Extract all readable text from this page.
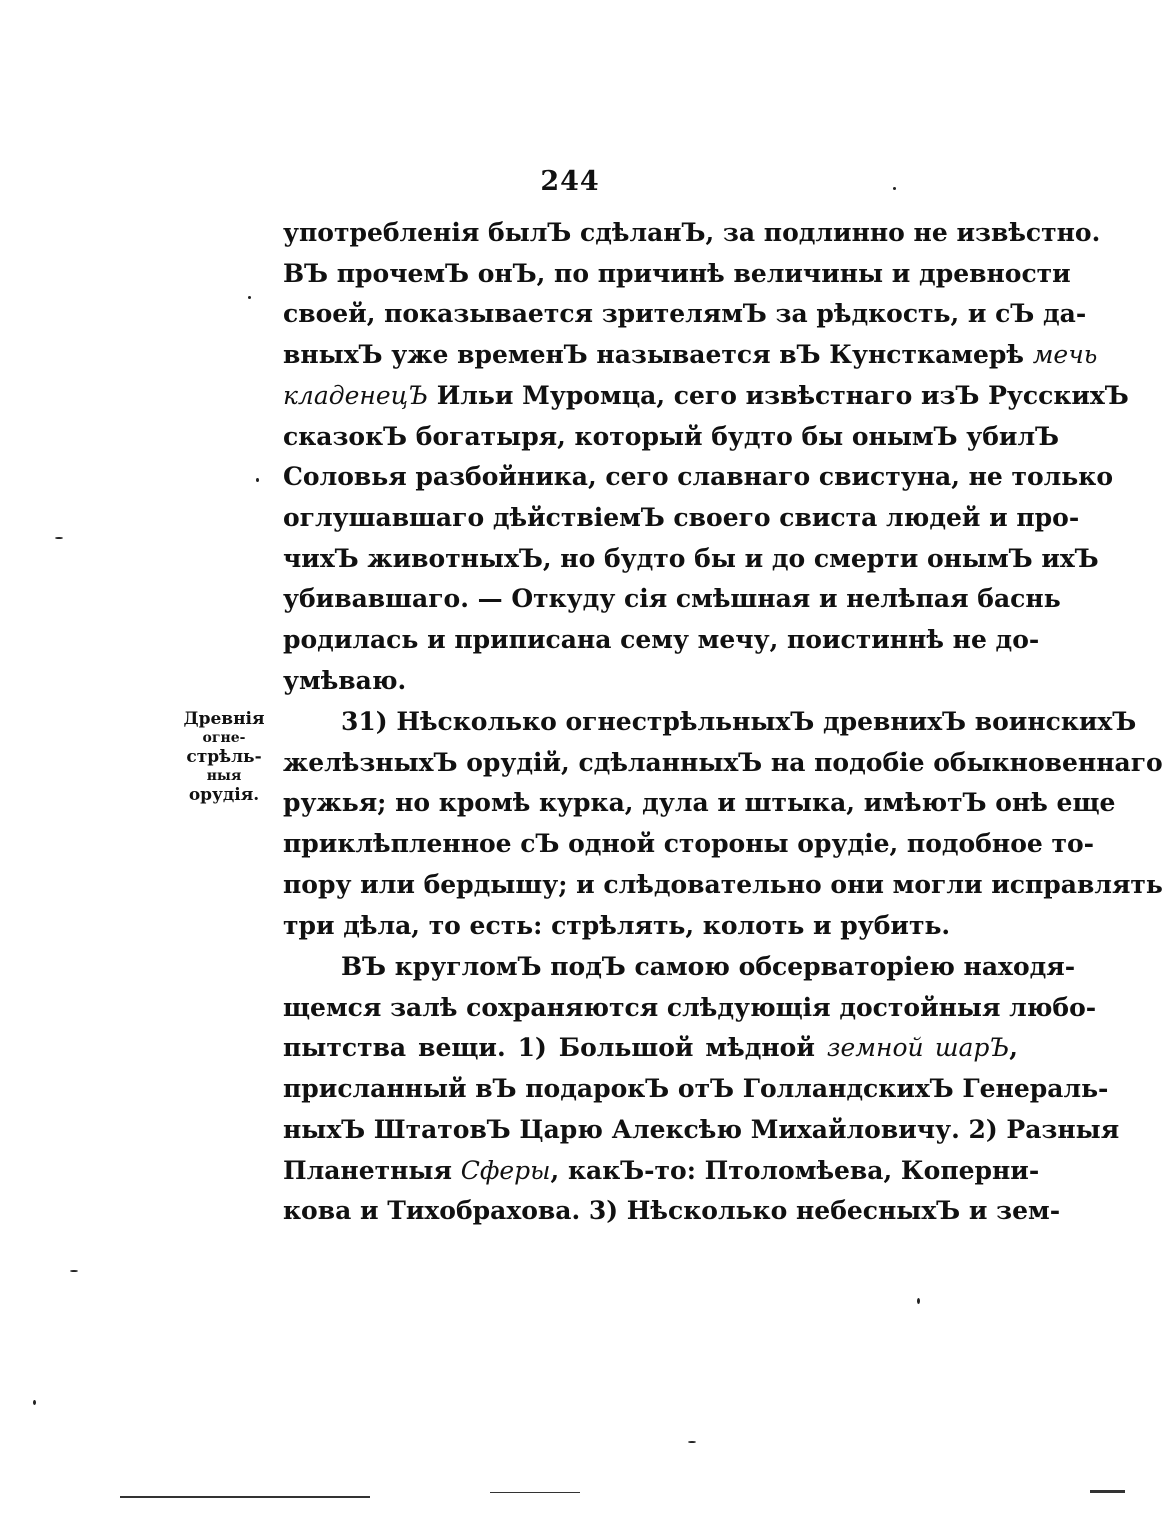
244
употребленія былЪ сдѣланЪ, за подлинно не извѣстно.
ВЪ прочемЪ онЪ, по причинѣ величины и древности
своей, показывается зрителямЪ за рѣдкость, и сЪ да-
вныхЪ уже временЪ называется вЪ Кунсткамерѣ мечь
кладенецЪ Ильи Муромца, сего извѣстнаго изЪ РусскихЪ
сказокЪ богатыря, который будто бы онымЪ убилЪ
Соловья разбойника, сего славнаго свистуна, не только
оглушавшаго дѣйствіемЪ своего свиста людей и про-
чихЪ животныхЪ, но будто бы и до смерти онымЪ ихЪ
убивавшаго. — Откуду сія смѣшная и нелѣпая баснь
родилась и приписана сему мечу, поистиннѣ не до-
умѣваю.
Древнія
огне-
стрѣль-
ныя
орудія.
31) Нѣсколько огнестрѣльныхЪ древнихЪ воинскихЪ
желѣзныхЪ орудій, сдѣланныхЪ на подобіе обыкновеннаго
ружья; но кромѣ курка, дула и штыка, имѣютЪ онѣ еще
приклѣпленное сЪ одной стороны орудіе, подобное то-
пору или бердышу; и слѣдовательно они могли исправлять
три дѣла, то есть: стрѣлять, колоть и рубить.
ВЪ кругломЪ подЪ самою обсерваторіею находя-
щемся залѣ сохраняются слѣдующія достойныя любо-
пытства вещи. 1) Большой мѣдной земной шарЪ,
присланный вЪ подарокЪ отЪ ГолландскихЪ Генераль-
ныхЪ ШтатовЪ Царю Алексѣю Михайловичу. 2) Разныя
Планетныя Сферы, какЪ-то: Птоломѣева, Коперни-
кова и Тихобрахова. 3) Нѣсколько небесныхЪ и зем-
